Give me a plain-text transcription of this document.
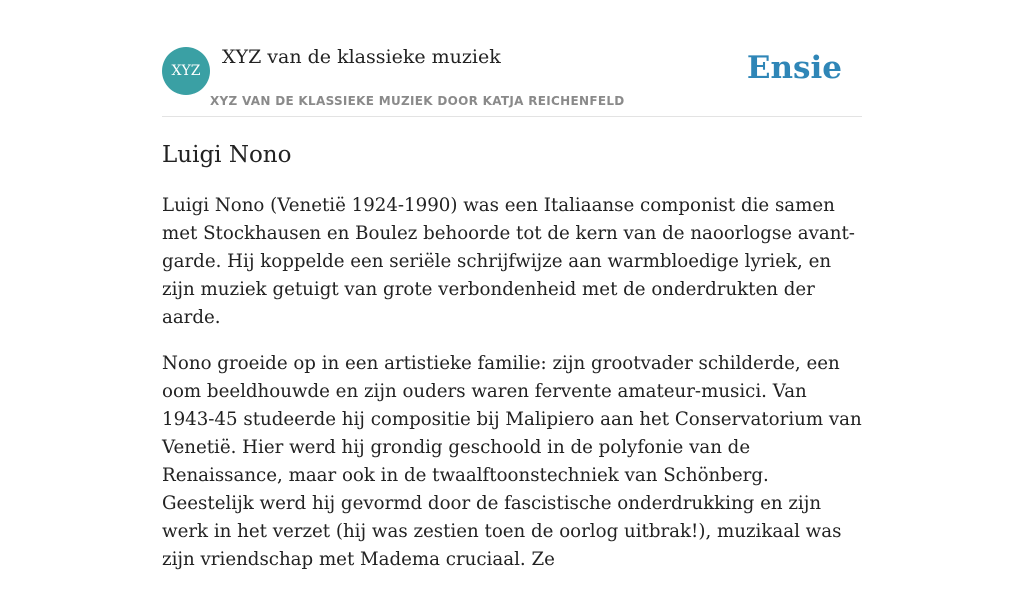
XYZ
XYZ van de klassieke muziek
XYZ VAN DE KLASSIEKE MUZIEK DOOR KATJA REICHENFELD
Ensie
Luigi Nono

Luigi Nono (Venetië 1924-1990) was een Italiaanse componist die samen met Stockhausen en Boulez behoorde tot de kern van de naoorlogse avant-garde. Hij koppelde een seriële schrijfwijze aan warmbloedige lyriek, en zijn muziek getuigt van grote verbondenheid met de onderdrukten der aarde.

Nono groeide op in een artistieke familie: zijn grootvader schilderde, een oom beeldhouwde en zijn ouders waren fervente amateur-musici. Van 1943-45 studeerde hij compositie bij Malipiero aan het Conservatorium van Venetië. Hier werd hij grondig geschoold in de polyfonie van de Renaissance, maar ook in de twaalftoonstechniek van Schönberg. Geestelijk werd hij gevormd door de fascistische onderdrukking en zijn werk in het verzet (hij was zestien toen de oorlog uitbrak!), muzikaal was zijn vriendschap met Madema cruciaal. Ze
